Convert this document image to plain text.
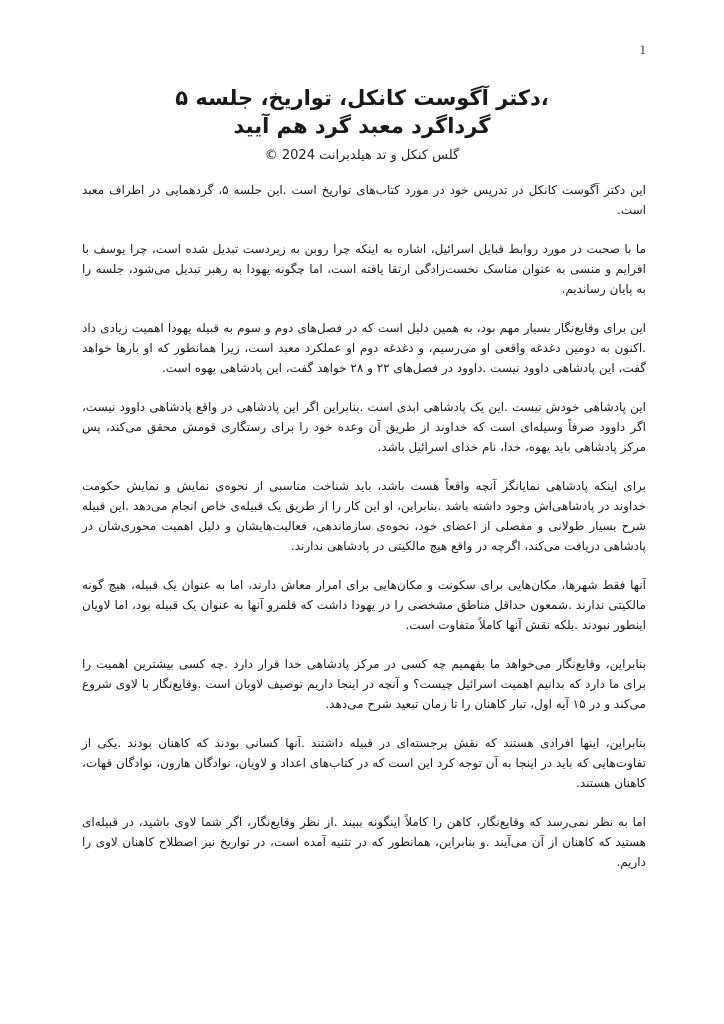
1
،دکتر آگوست کانکل، تواریخ، جلسه ۵
گرداگرد معبد گرد هم آیید
گلس کنکل و تد هیلدبرانت 2024 ©

این دکتر آگوست کانکل در تدریس خود در مورد کتاب‌های تواریخ است .این جلسه ۵، گردهمایی در اطراف معبد است.

ما با صحبت در مورد روابط قبایل اسرائیل، اشاره به اینکه چرا روبن به زیردست تبدیل شده است، چرا یوسف با افرایم و منسی به عنوان مناسک نخست‌زادگی ارتقا یافته است، اما چگونه یهودا به رهبر تبدیل می‌شود، جلسه را به پایان رساندیم.

این برای وقایع‌نگار بسیار مهم بود، به همین دلیل است که در فصل‌های دوم و سوم به قبیله یهودا اهمیت زیادی داد .اکنون به دومین دغدغه واقعی او می‌رسیم، و دغدغه دوم او عملکرد معبد است، زیرا همانطور که او بارها خواهد گفت، این پادشاهی داوود نیست .داوود در فصل‌های ۲۲ و ۲۸ خواهد گفت، این پادشاهی یهوه است.

این پادشاهی خودش نیست .این یک پادشاهی ابدی است .بنابراین اگر این پادشاهی در واقع پادشاهی داوود نیست، اگر داوود صرفاً وسیله‌ای است که خداوند از طریق آن وعده خود را برای رستگاری قومش محقق می‌کند، پس مرکز پادشاهی باید یهوه، خدا، نام خدای اسرائیل باشد.

برای اینکه پادشاهی نمایانگر آنچه واقعاً هست باشد، باید شناخت مناسبی از نحوه‌ی نمایش و نمایش حکومت خداوند در پادشاهی‌اش وجود داشته باشد .بنابراین، او این کار را از طریق یک قبیله‌ی خاص انجام می‌دهد .این قبیله شرح بسیار طولانی و مفصلی از اعضای خود، نحوه‌ی سازماندهی، فعالیت‌هایشان و دلیل اهمیت محوری‌شان در پادشاهی دریافت می‌کند، اگرچه در واقع هیچ مالکیتی در پادشاهی ندارند.

آنها فقط شهرها، مکان‌هایی برای سکونت و مکان‌هایی برای امرار معاش دارند، اما به عنوان یک قبیله، هیچ گونه مالکیتی ندارند .شمعون حداقل مناطق مشخصی را در یهودا داشت که قلمرو آنها به عنوان یک قبیله بود، اما لاویان اینطور نبودند .بلکه نقش آنها کاملاً متفاوت است.

بنابراین، وقایع‌نگار می‌خواهد ما بفهمیم چه کسی در مرکز پادشاهی خدا قرار دارد .چه کسی بیشترین اهمیت را برای ما دارد که بدانیم اهمیت اسرائیل چیست؟ و آنچه در اینجا داریم توصیف لاویان است .وقایع‌نگار با لاوی شروع می‌کند و در ۱۵ آیه اول، تبار کاهنان را تا زمان تبعید شرح می‌دهد.

بنابراین، اینها افرادی هستند که نقش برجسته‌ای در قبیله داشتند .آنها کسانی بودند که کاهنان بودند .یکی از تفاوت‌هایی که باید در اینجا به آن توجه کرد این است که در کتاب‌های اعداد و لاویان، نوادگان هارون، نوادگان قهات، کاهنان هستند.

اما به نظر نمی‌رسد که وقایع‌نگار، کاهن را کاملاً اینگونه ببیند .از نظر وقایع‌نگار، اگر شما لاوی باشید، در قبیله‌ای هستید که کاهنان از آن می‌آیند .و بنابراین، همانطور که در تثنیه آمده است، در تواریخ نیز اصطلاح کاهنان لاوی را داریم.
